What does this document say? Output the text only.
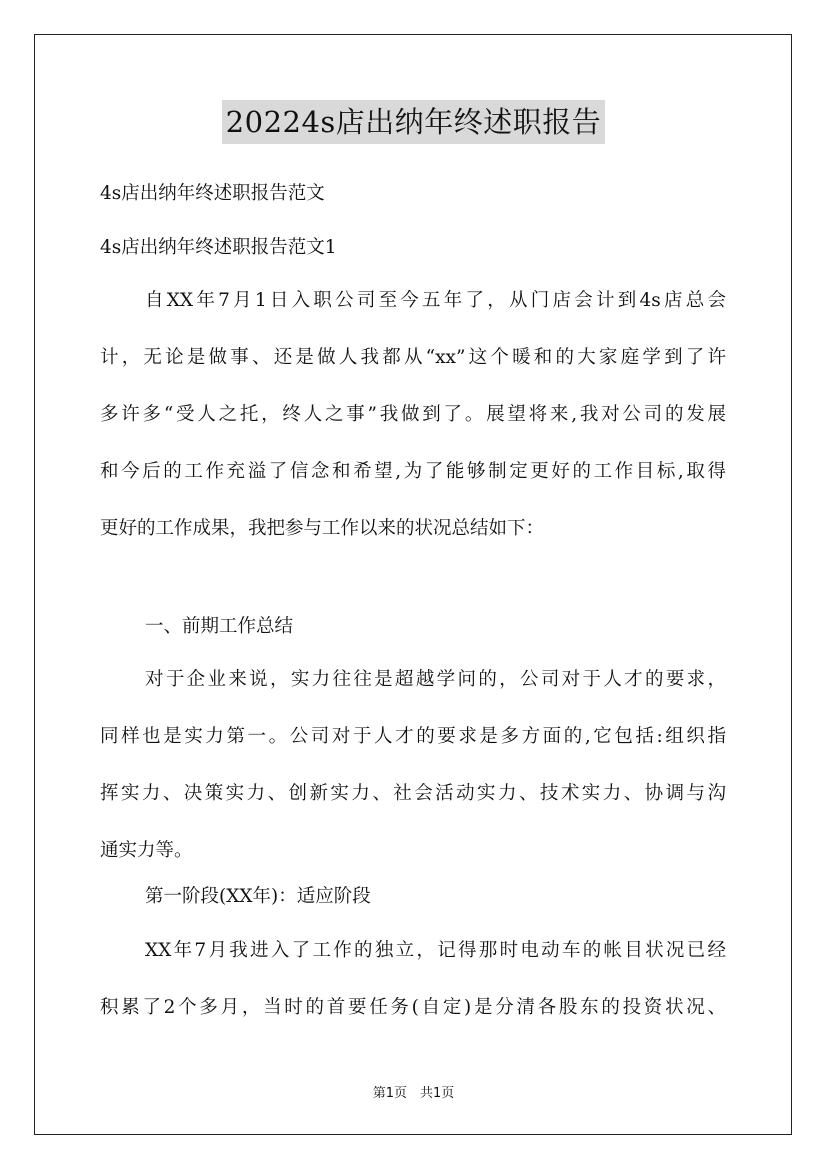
20224s店出纳年终述职报告
4s店出纳年终述职报告范文
4s店出纳年终述职报告范文1
自XX年7月1日入职公司至今五年了，从门店会计到4s店总会
计，无论是做事、还是做人我都从“xx”这个暖和的大家庭学到了许
多许多“受人之托，终人之事”我做到了。展望将来,我对公司的发展
和今后的工作充溢了信念和希望,为了能够制定更好的工作目标,取得
更好的工作成果，我把参与工作以来的状况总结如下：
一、前期工作总结
对于企业来说，实力往往是超越学问的，公司对于人才的要求，
同样也是实力第一。公司对于人才的要求是多方面的,它包括:组织指
挥实力、决策实力、创新实力、社会活动实力、技术实力、协调与沟
通实力等。
第一阶段(XX年)：适应阶段
XX年7月我进入了工作的独立，记得那时电动车的帐目状况已经
积累了2个多月，当时的首要任务(自定)是分清各股东的投资状况、
第1页　共1页
